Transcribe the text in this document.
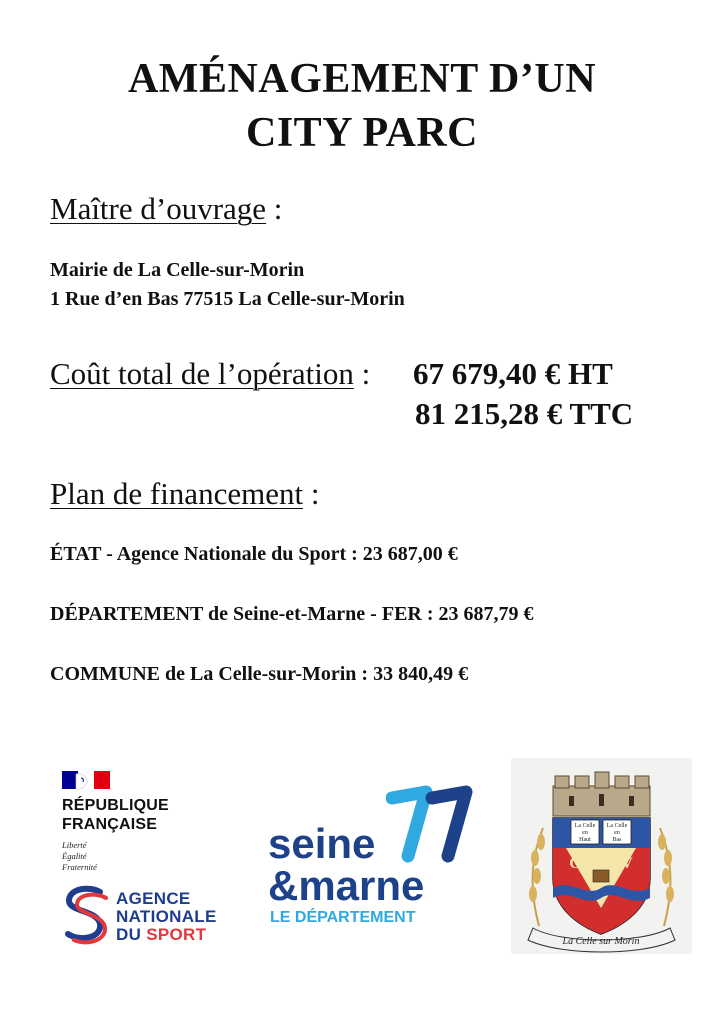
AMÉNAGEMENT D’UN
CITY PARC
Maître d’ouvrage :
Mairie de La Celle-sur-Morin
1 Rue d’en Bas 77515 La Celle-sur-Morin
Coût total de l’opération : 67 679,40 € HT
81 215,28 € TTC
Plan de financement :
ÉTAT - Agence Nationale du Sport : 23 687,00 €
DÉPARTEMENT de Seine-et-Marne - FER : 23 687,79 €
COMMUNE de La Celle-sur-Morin : 33 840,49 €
RÉPUBLIQUE
FRANÇAISE
Liberté
Égalité
Fraternité
AGENCE
NATIONALE
DU SPORT
seine
&marne
LE DÉPARTEMENT
La Celle
en
Haut
La Celle
en
Bas
C	V
La Celle sur Morin
